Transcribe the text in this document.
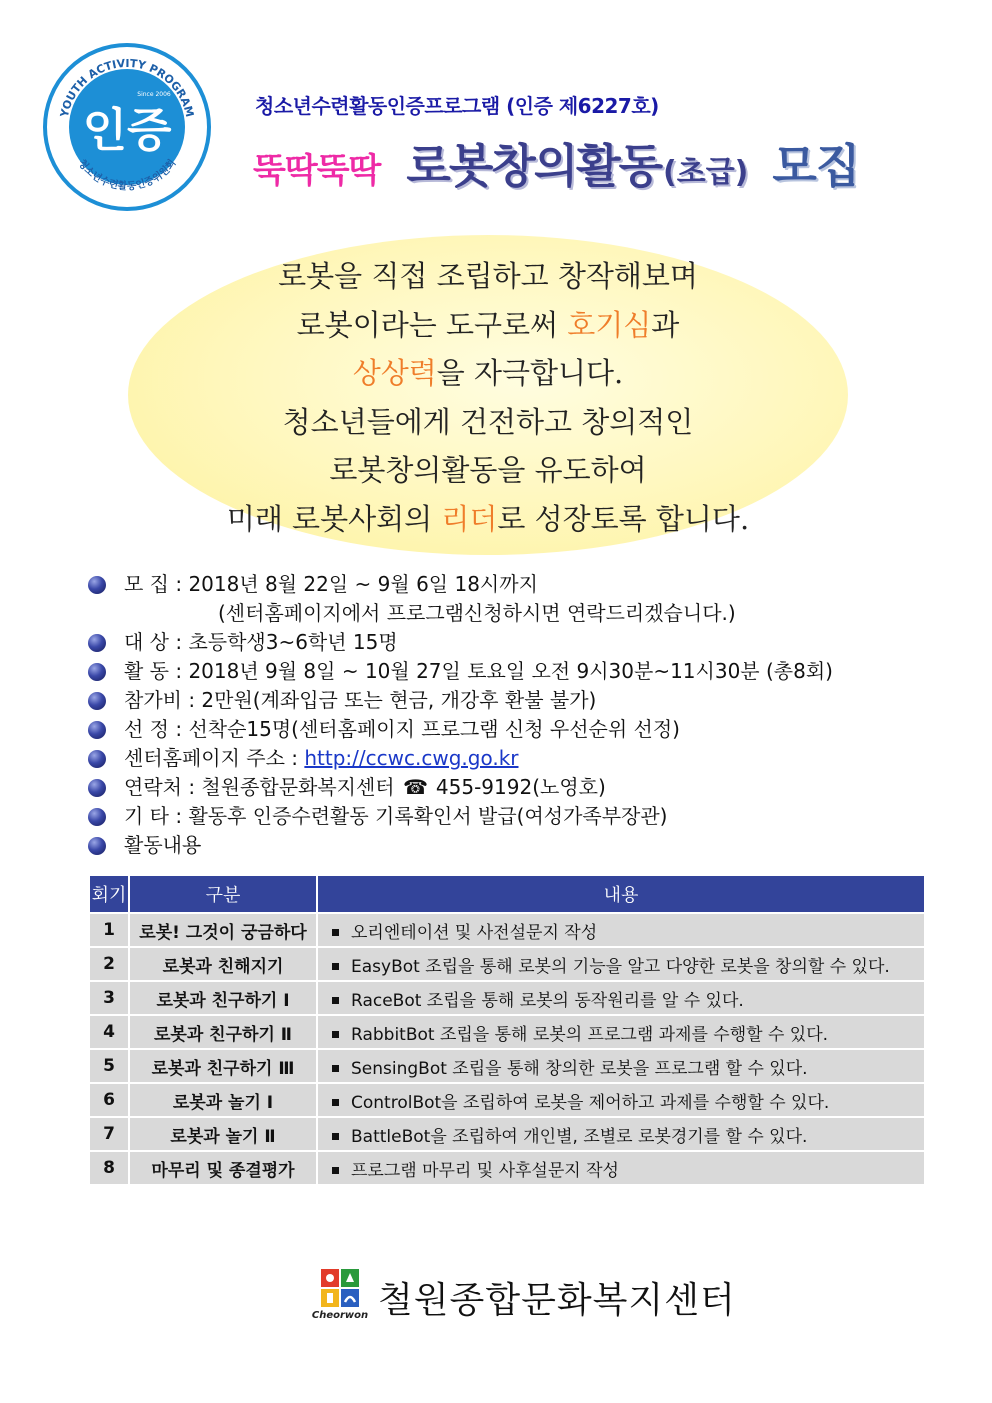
YOUTH ACTIVITY PROGRAM
청소년수련활동인증위원회
Since 2006
인증	청소년수련활동인증프로그램 (인증 제6227호)
뚝딱뚝딱 로봇창의활동 (초급) 모집
로봇을 직접 조립하고 창작해보며
로봇이라는 도구로써 호기심과
상상력을 자극합니다.
청소년들에게 건전하고 창의적인
로봇창의활동을 유도하여
미래 로봇사회의 리더로 성장토록 합니다.
모 집 : 2018년 8월 22일 ~ 9월 6일 18시까지
(센터홈페이지에서 프로그램신청하시면 연락드리겠습니다.)
대 상 : 초등학생3~6학년 15명
활 동 : 2018년 9월 8일 ~ 10월 27일 토요일 오전 9시30분~11시30분 (총8회)
참가비 : 2만원(계좌입금 또는 현금, 개강후 환불 불가)
선 정 : 선착순15명(센터홈페이지 프로그램 신청 우선순위 선정)
센터홈페이지 주소 : http://ccwc.cwg.go.kr
연락처 : 철원종합문화복지센터 ☎ 455-9192(노영호)
기 타 : 활동후 인증수련활동 기록확인서 발급(여성가족부장관)
활동내용
회기	구분	내용
1	로봇! 그것이 궁금하다	오리엔테이션 및 사전설문지 작성
2	로봇과 친해지기	EasyBot 조립을 통해 로봇의 기능을 알고 다양한 로봇을 창의할 수 있다.
3	로봇과 친구하기 Ⅰ	RaceBot 조립을 통해 로봇의 동작원리를 알 수 있다.
4	로봇과 친구하기 Ⅱ	RabbitBot 조립을 통해 로봇의 프로그램 과제를 수행할 수 있다.
5	로봇과 친구하기 Ⅲ	SensingBot 조립을 통해 창의한 로봇을 프로그램 할 수 있다.
6	로봇과 놀기 Ⅰ	ControlBot을 조립하여 로봇을 제어하고 과제를 수행할 수 있다.
7	로봇과 놀기 Ⅱ	BattleBot을 조립하여 개인별, 조별로 로봇경기를 할 수 있다.
8	마무리 및 종결평가	프로그램 마무리 및 사후설문지 작성
Cheorwon 철원종합문화복지센터
